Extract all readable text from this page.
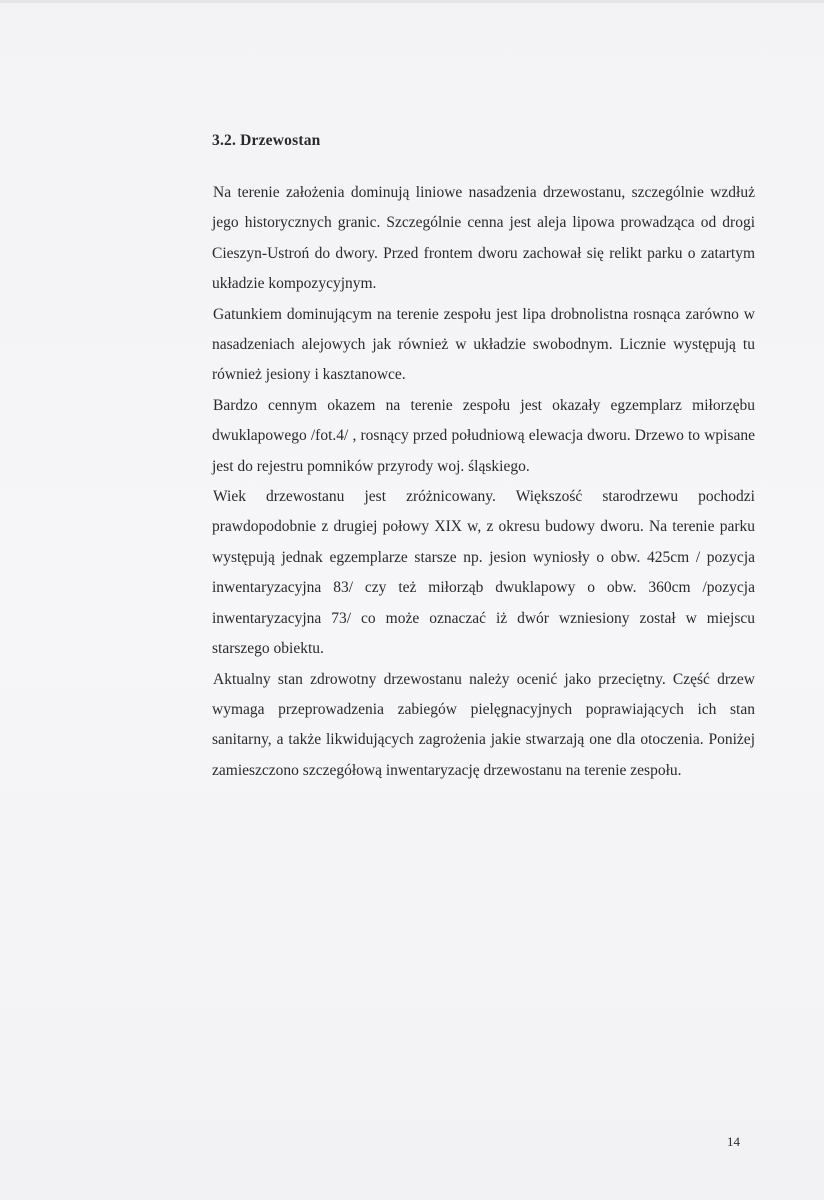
3.2. Drzewostan

Na terenie założenia dominują liniowe nasadzenia drzewostanu, szczególnie wzdłuż jego historycznych granic. Szczególnie cenna jest aleja lipowa prowadząca od drogi Cieszyn-Ustroń do dwory. Przed frontem dworu zachował się relikt parku o zatartym układzie kompozycyjnym.

Gatunkiem dominującym na terenie zespołu jest lipa drobnolistna rosnąca zarówno w nasadzeniach alejowych jak również w układzie swobodnym. Licznie występują tu również jesiony i kasztanowce.

Bardzo cennym okazem na terenie zespołu jest okazały egzemplarz miłorzębu dwuklapowego /fot.4/ , rosnący przed południową elewacja dworu. Drzewo to wpisane jest do rejestru pomników przyrody woj. śląskiego.

Wiek drzewostanu jest zróżnicowany. Większość starodrzewu pochodzi prawdopodobnie z drugiej połowy XIX w, z okresu budowy dworu. Na terenie parku występują jednak egzemplarze starsze np. jesion wyniosły o obw. 425cm / pozycja inwentaryzacyjna 83/ czy też miłorząb dwuklapowy o obw. 360cm /pozycja inwentaryzacyjna 73/ co może oznaczać iż dwór wzniesiony został w miejscu starszego obiektu.

Aktualny stan zdrowotny drzewostanu należy ocenić jako przeciętny. Część drzew wymaga przeprowadzenia zabiegów pielęgnacyjnych poprawiających ich stan sanitarny, a także likwidujących zagrożenia jakie stwarzają one dla otoczenia. Poniżej zamieszczono szczegółową inwentaryzację drzewostanu na terenie zespołu.

14
